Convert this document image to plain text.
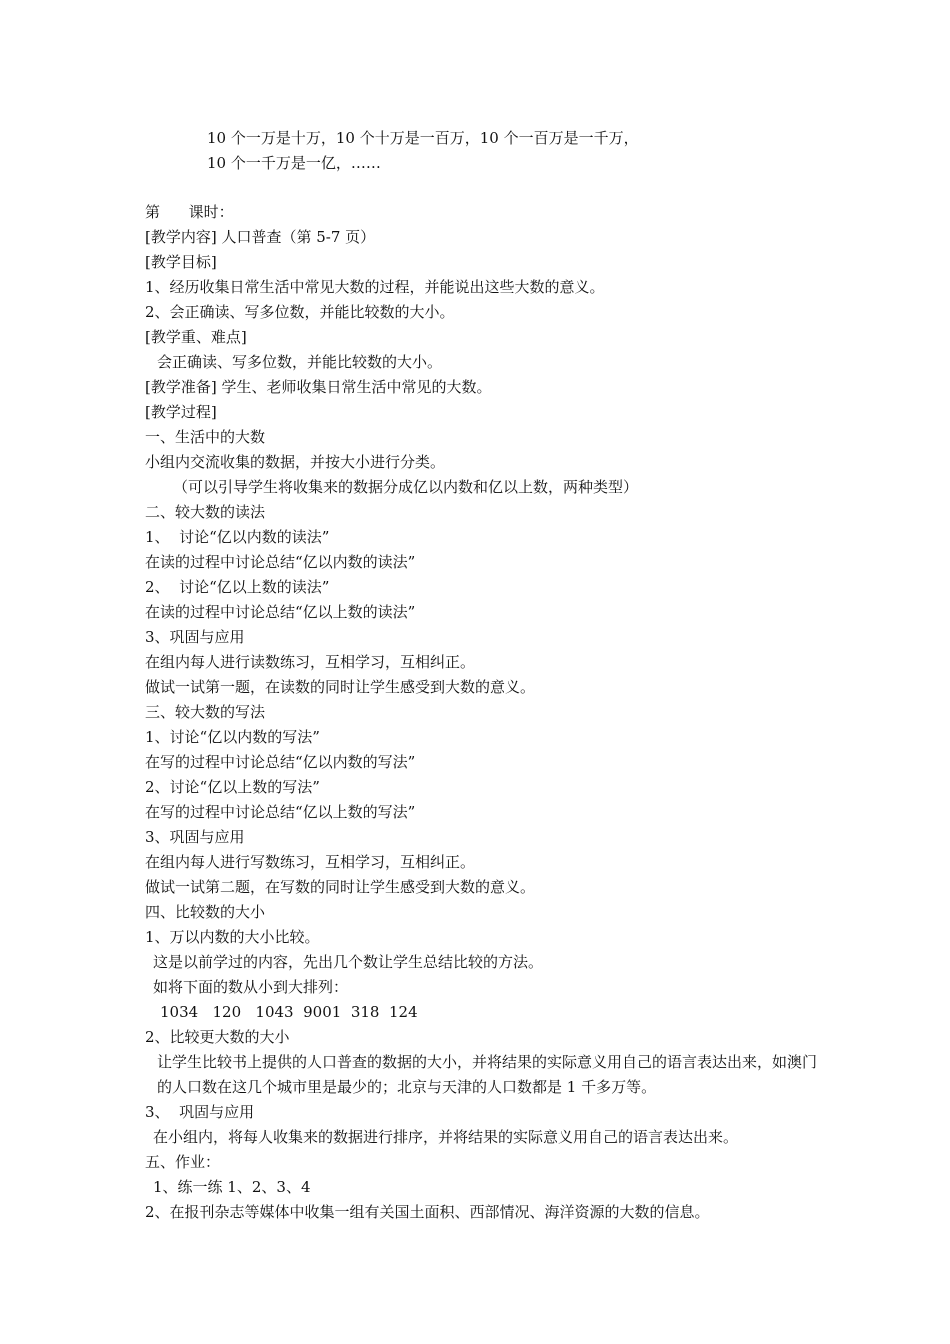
10 个一万是十万，10 个十万是一百万，10 个一百万是一千万，
10 个一千万是一亿，……
第      课时：
[教学内容] 人口普查（第 5-7 页）
[教学目标]
1、经历收集日常生活中常见大数的过程，并能说出这些大数的意义。
2、会正确读、写多位数，并能比较数的大小。
[教学重、难点]
会正确读、写多位数，并能比较数的大小。
[教学准备] 学生、老师收集日常生活中常见的大数。
[教学过程]
一、生活中的大数
小组内交流收集的数据，并按大小进行分类。
（可以引导学生将收集来的数据分成亿以内数和亿以上数，两种类型）
二、较大数的读法
1、  讨论“亿以内数的读法”
在读的过程中讨论总结“亿以内数的读法”
2、  讨论“亿以上数的读法”
在读的过程中讨论总结“亿以上数的读法”
3、巩固与应用
在组内每人进行读数练习，互相学习，互相纠正。
做试一试第一题，在读数的同时让学生感受到大数的意义。
三、较大数的写法
1、讨论“亿以内数的写法”
在写的过程中讨论总结“亿以内数的写法”
2、讨论“亿以上数的写法”
在写的过程中讨论总结“亿以上数的写法”
3、巩固与应用
在组内每人进行写数练习，互相学习，互相纠正。
做试一试第二题，在写数的同时让学生感受到大数的意义。
四、比较数的大小
1、万以内数的大小比较。
这是以前学过的内容，先出几个数让学生总结比较的方法。
如将下面的数从小到大排列：
1034   120   1043  9001  318  124
2、比较更大数的大小
让学生比较书上提供的人口普查的数据的大小，并将结果的实际意义用自己的语言表达出来，如澳门的人口数在这几个城市里是最少的；北京与天津的人口数都是 1 千多万等。
3、  巩固与应用
在小组内，将每人收集来的数据进行排序，并将结果的实际意义用自己的语言表达出来。
五、作业：
1、练一练 1、2、3、4
2、在报刊杂志等媒体中收集一组有关国土面积、西部情况、海洋资源的大数的信息。
